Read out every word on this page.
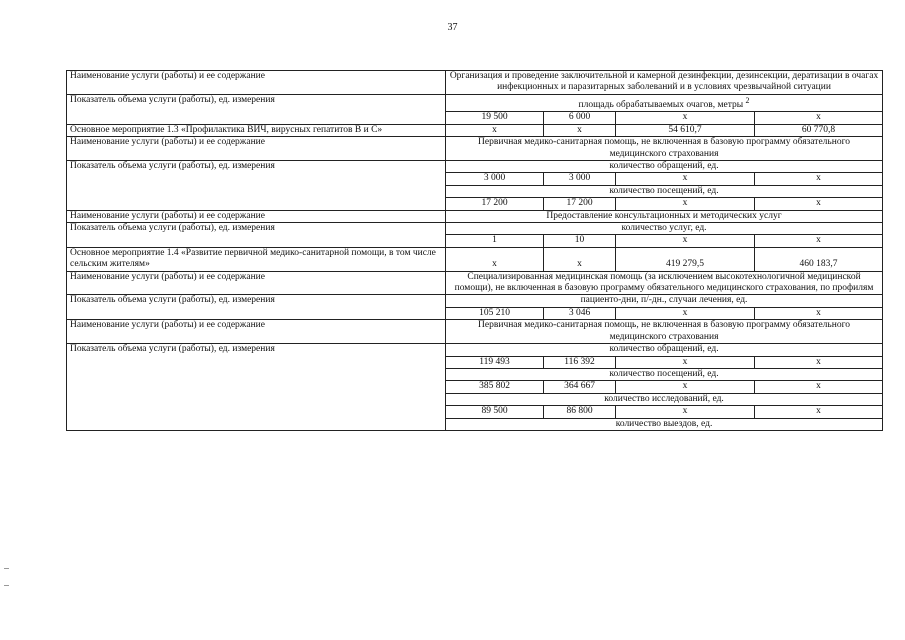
37
Наименование услуги (работы) и ее содержание	Организация и проведение заключительной и камерной дезинфекции, дезинсекции, дератизации в очагах инфекционных и паразитарных заболеваний и в условиях чрезвычайной ситуации			
Показатель объема услуги (работы), ед. измерения	площадь обрабатываемых очагов, метры $^2$
	19 500	6 000	х	х
Основное мероприятие 1.3 «Профилактика ВИЧ, вирусных гепатитов В и С»	х	х	54 610,7	60 770,8
Наименование услуги (работы) и ее содержание	Первичная медико-санитарная помощь, не включенная в базовую программу обязательного медицинского страхования			
Показатель объема услуги (работы), ед. измерения	количество обращений, ед.			
	3 000	3 000	х	х
	количество посещений, ед.			
	17 200	17 200	х	х
Наименование услуги (работы) и ее содержание	Предоставление консультационных и методических услуг			
Показатель объема услуги (работы), ед. измерения	количество услуг, ед.			
	1	10	х	х
Основное мероприятие 1.4 «Развитие первичной медико-санитарной помощи, в том числе сельским жителям»	х	х	419 279,5	460 183,7
Наименование услуги (работы) и ее содержание	Специализированная медицинская помощь (за исключением высокотехнологичной медицинской помощи), не включенная в базовую программу обязательного медицинского страхования, по профилям			
Показатель объема услуги (работы), ед. измерения	пациенто-дни, п/-дн., случаи лечения, ед.			
	105 210	3 046	х	х
Наименование услуги (работы) и ее содержание	Первичная медико-санитарная помощь, не включенная в базовую программу обязательного медицинского страхования			
Показатель объема услуги (работы), ед. измерения	количество обращений, ед.			
	119 493	116 392	х	х
	количество посещений, ед.			
	385 802	364 667	х	х
	количество исследований, ед.			
	89 500	86 800	х	х
	количество выездов, ед.			
